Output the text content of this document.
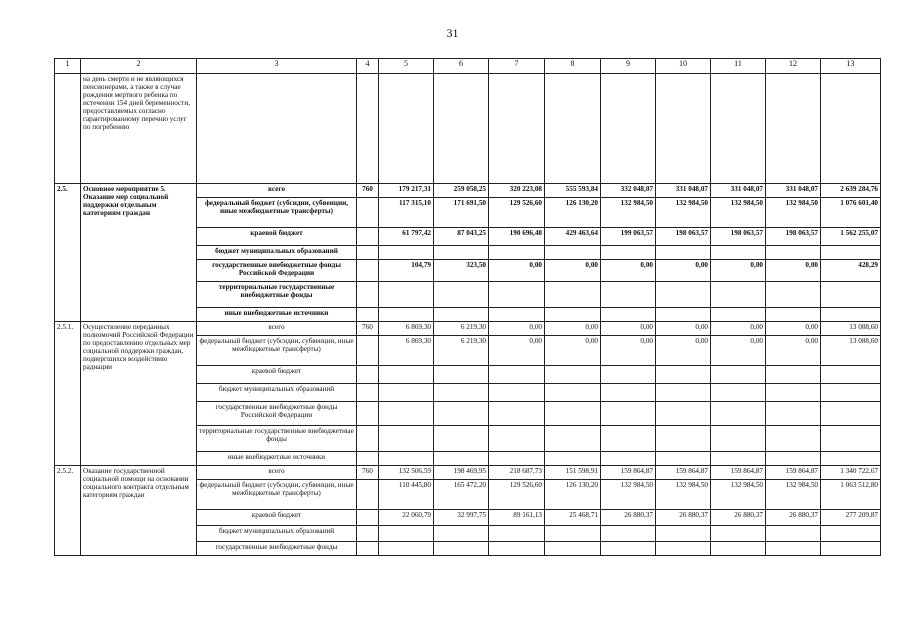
31
1	2	3	4	5	6	7	8	9	10	11	12	13
	на день смерти и не являющихся пенсионерами, а также в случае рождения мертвого ребенка по истечении 154 дней беременности, предоставляемых согласно гарантированному перечню услуг по погребению											
2.5.	Основное мероприятие 5. Оказание мер социальной поддержки отдельным категориям граждан	всего	760	179 217,31	259 058,25	320 223,08	555 593,84	332 048,07	331 048,07	331 048,07	331 048,07	2 639 284,76
		федеральный бюджет (субсидии, субвенции, иные межбюджетные трансферты)		117 315,10	171 691,50	129 526,60	126 130,20	132 984,50	132 984,50	132 984,50	132 984,50	1 076 601,40
		краевой бюджет		61 797,42	87 043,25	190 696,48	429 463,64	199 063,57	198 063,57	198 063,57	198 063,57	1 562 255,07
		бюджет муниципальных образований										
		государственные внебюджетные фонды Российской Федерации		104,79	323,50	0,00	0,00	0,00	0,00	0,00	0,00	428,29
		территориальные государственные внебюджетные фонды										
		иные внебюджетные источники										
2.5.1.	Осуществление переданных полномочий Российской Федерации по предоставлению отдельных мер социальной поддержки граждан, подвергшихся воздействию радиации	всего	760	6 869,30	6 219,30	0,00	0,00	0,00	0,00	0,00	0,00	13 088,60
		федеральный бюджет (субсидии, субвенции, иные межбюджетные трансферты)		6 869,30	6 219,30	0,00	0,00	0,00	0,00	0,00	0,00	13 088,60
		краевой бюджет										
		бюджет муниципальных образований										
		государственные внебюджетные фонды Российской Федерации										
		территориальные государственные внебюджетные фонды										
		иные внебюджетные источники										
2.5.2.	Оказание государственной социальной помощи на основании социального контракта отдельным категориям граждан	всего	760	132 506,59	198 469,95	218 687,73	151 598,91	159 864,87	159 864,87	159 864,87	159 864,87	1 340 722,67
		федеральный бюджет (субсидии, субвенции, иные межбюджетные трансферты)		110 445,80	165 472,20	129 526,60	126 130,20	132 984,50	132 984,50	132 984,50	132 984,50	1 063 512,80
		краевой бюджет		22 060,79	32 997,75	89 161,13	25 468,71	26 880,37	26 880,37	26 880,37	26 880,37	277 209,87
		бюджет муниципальных образований										
		государственные внебюджетные фонды										
